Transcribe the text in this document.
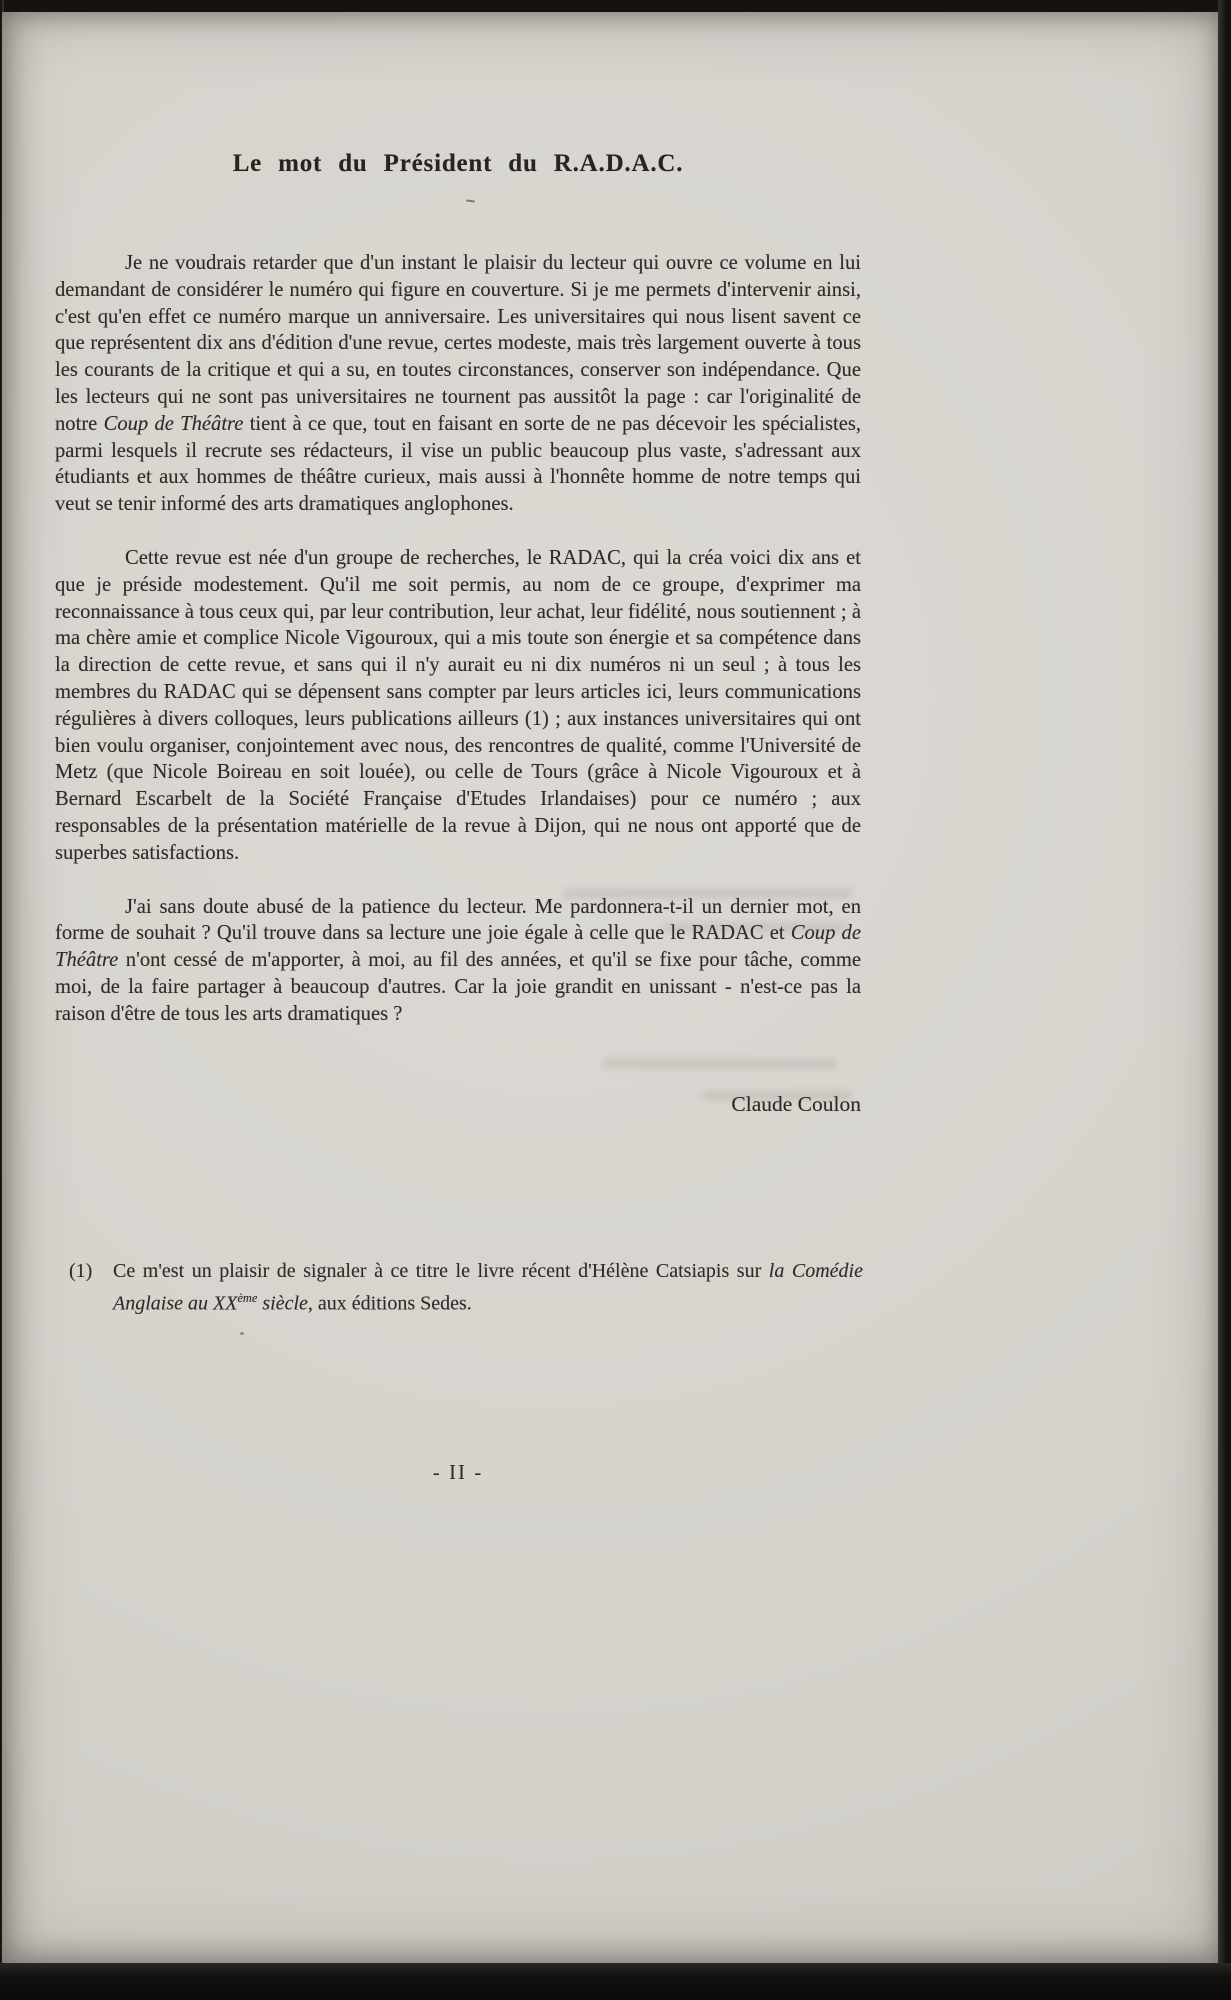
Le mot du Président du R.A.D.A.C.

Je ne voudrais retarder que d'un instant le plaisir du lecteur qui ouvre ce volume en lui demandant de considérer le numéro qui figure en couverture. Si je me permets d'intervenir ainsi, c'est qu'en effet ce numéro marque un anniversaire. Les universitaires qui nous lisent savent ce que représentent dix ans d'édition d'une revue, certes modeste, mais très largement ouverte à tous les courants de la critique et qui a su, en toutes circonstances, conserver son indépendance. Que les lecteurs qui ne sont pas universitaires ne tournent pas aussitôt la page : car l'originalité de notre Coup de Théâtre tient à ce que, tout en faisant en sorte de ne pas décevoir les spécialistes, parmi lesquels il recrute ses rédacteurs, il vise un public beaucoup plus vaste, s'adressant aux étudiants et aux hommes de théâtre curieux, mais aussi à l'honnête homme de notre temps qui veut se tenir informé des arts dramatiques anglophones.

Cette revue est née d'un groupe de recherches, le RADAC, qui la créa voici dix ans et que je préside modestement. Qu'il me soit permis, au nom de ce groupe, d'exprimer ma reconnaissance à tous ceux qui, par leur contribution, leur achat, leur fidélité, nous soutiennent ; à ma chère amie et complice Nicole Vigouroux, qui a mis toute son énergie et sa compétence dans la direction de cette revue, et sans qui il n'y aurait eu ni dix numéros ni un seul ; à tous les membres du RADAC qui se dépensent sans compter par leurs articles ici, leurs communications régulières à divers colloques, leurs publications ailleurs (1) ; aux instances universitaires qui ont bien voulu organiser, conjointement avec nous, des rencontres de qualité, comme l'Université de Metz (que Nicole Boireau en soit louée), ou celle de Tours (grâce à Nicole Vigouroux et à Bernard Escarbelt de la Société Française d'Etudes Irlandaises) pour ce numéro ; aux responsables de la présentation matérielle de la revue à Dijon, qui ne nous ont apporté que de superbes satisfactions.

J'ai sans doute abusé de la patience du lecteur. Me pardonnera-t-il un dernier mot, en forme de souhait ? Qu'il trouve dans sa lecture une joie égale à celle que le RADAC et Coup de Théâtre n'ont cessé de m'apporter, à moi, au fil des années, et qu'il se fixe pour tâche, comme moi, de la faire partager à beaucoup d'autres. Car la joie grandit en unissant - n'est-ce pas la raison d'être de tous les arts dramatiques ?

Claude Coulon
(1)	Ce m'est un plaisir de signaler à ce titre le livre récent d'Hélène Catsiapis sur la Comédie Anglaise au XXème siècle, aux éditions Sedes.
- II -
